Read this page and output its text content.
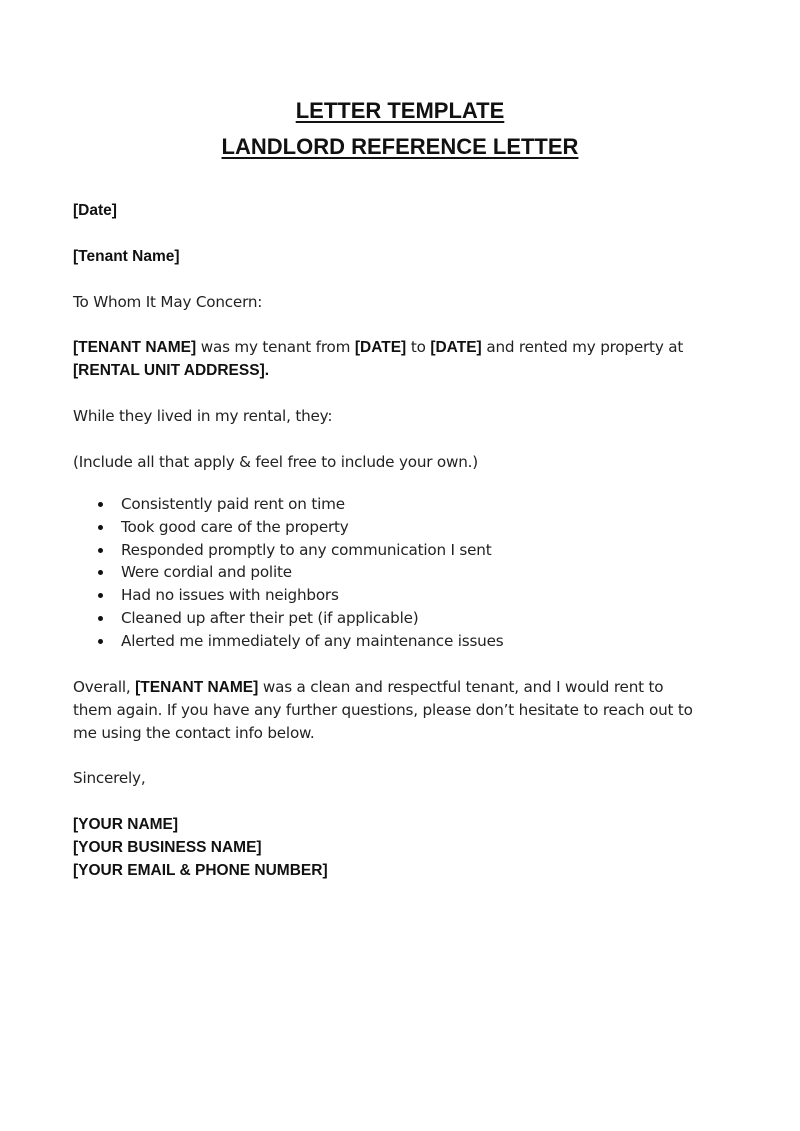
LETTER TEMPLATE
LANDLORD REFERENCE LETTER
[Date]
[Tenant Name]
To Whom It May Concern:
[TENANT NAME] was my tenant from [DATE] to [DATE] and rented my property at
[RENTAL UNIT ADDRESS].
While they lived in my rental, they:
(Include all that apply & feel free to include your own.)
Consistently paid rent on time
Took good care of the property
Responded promptly to any communication I sent
Were cordial and polite
Had no issues with neighbors
Cleaned up after their pet (if applicable)
Alerted me immediately of any maintenance issues
Overall, [TENANT NAME] was a clean and respectful tenant, and I would rent to
them again. If you have any further questions, please don’t hesitate to reach out to
me using the contact info below.
Sincerely,
[YOUR NAME]
[YOUR BUSINESS NAME]
[YOUR EMAIL & PHONE NUMBER]
